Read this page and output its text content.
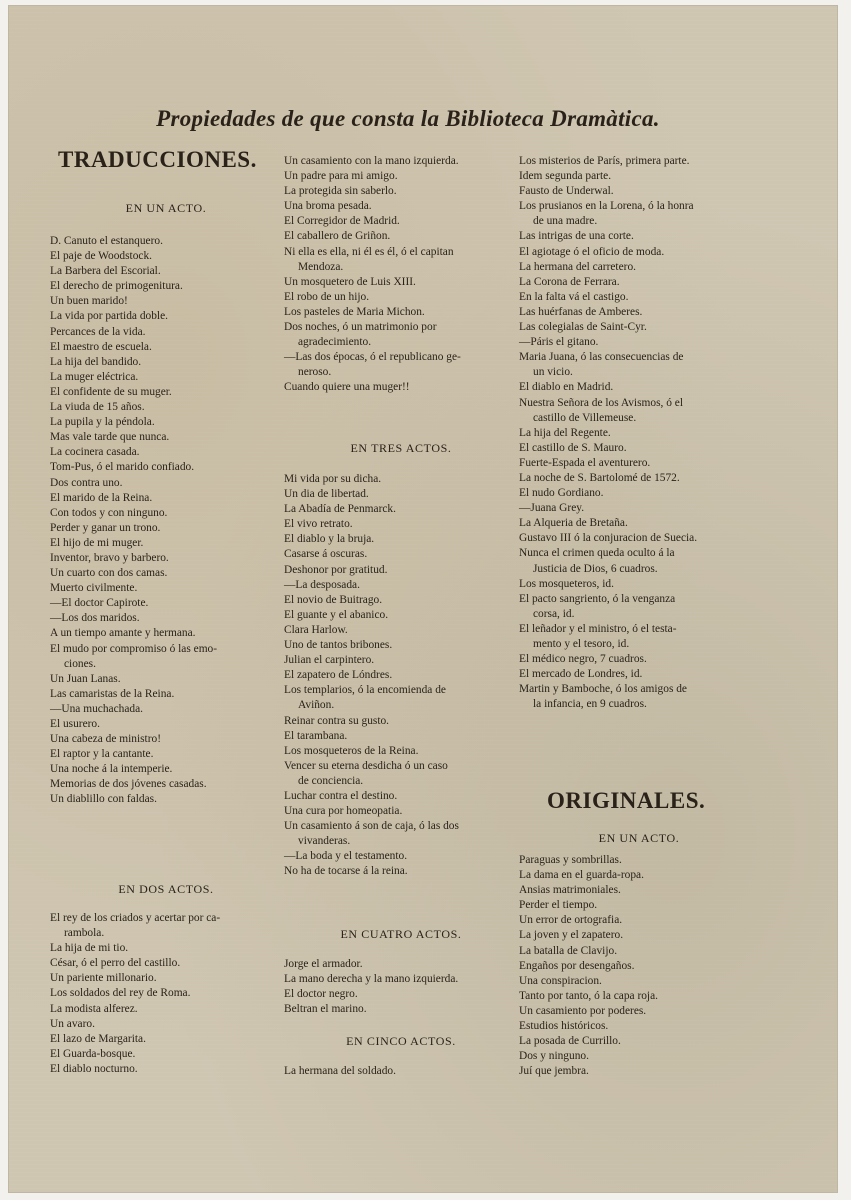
Propiedades de que consta la Biblioteca Dramàtica.
TRADUCCIONES.
EN UN ACTO.
D. Canuto el estanquero.
El paje de Woodstock.
La Barbera del Escorial.
El derecho de primogenitura.
Un buen marido!
La vida por partida doble.
Percances de la vida.
El maestro de escuela.
La hija del bandido.
La muger eléctrica.
El confidente de su muger.
La viuda de 15 años.
La pupila y la péndola.
Mas vale tarde que nunca.
La cocinera casada.
Tom-Pus, ó el marido confiado.
Dos contra uno.
El marido de la Reina.
Con todos y con ninguno.
Perder y ganar un trono.
El hijo de mi muger.
Inventor, bravo y barbero.
Un cuarto con dos camas.
Muerto civilmente.
—El doctor Capirote.
—Los dos maridos.
A un tiempo amante y hermana.
El mudo por compromiso ó las emo-
ciones.
Un Juan Lanas.
Las camaristas de la Reina.
—Una muchachada.
El usurero.
Una cabeza de ministro!
El raptor y la cantante.
Una noche á la intemperie.
Memorias de dos jóvenes casadas.
Un diablillo con faldas.
EN DOS ACTOS.
El rey de los criados y acertar por ca-
rambola.
La hija de mi tio.
César, ó el perro del castillo.
Un pariente millonario.
Los soldados del rey de Roma.
La modista alferez.
Un avaro.
El lazo de Margarita.
El Guarda-bosque.
El diablo nocturno.
Un casamiento con la mano izquierda.
Un padre para mi amigo.
La protegida sin saberlo.
Una broma pesada.
El Corregidor de Madrid.
El caballero de Griñon.
Ni ella es ella, ni él es él, ó el capitan
Mendoza.
Un mosquetero de Luis XIII.
El robo de un hijo.
Los pasteles de Maria Michon.
Dos noches, ó un matrimonio por
agradecimiento.
—Las dos épocas, ó el republicano ge-
neroso.
Cuando quiere una muger!!
EN TRES ACTOS.
Mi vida por su dicha.
Un dia de libertad.
La Abadía de Penmarck.
El vivo retrato.
El diablo y la bruja.
Casarse á oscuras.
Deshonor por gratitud.
—La desposada.
El novio de Buitrago.
El guante y el abanico.
Clara Harlow.
Uno de tantos bribones.
Julian el carpintero.
El zapatero de Lóndres.
Los templarios, ó la encomienda de
Aviñon.
Reinar contra su gusto.
El tarambana.
Los mosqueteros de la Reina.
Vencer su eterna desdicha ó un caso
de conciencia.
Luchar contra el destino.
Una cura por homeopatia.
Un casamiento á son de caja, ó las dos
vivanderas.
—La boda y el testamento.
No ha de tocarse á la reina.
EN CUATRO ACTOS.
Jorge el armador.
La mano derecha y la mano izquierda.
El doctor negro.
Beltran el marino.
EN CINCO ACTOS.
La hermana del soldado.
Los misterios de París, primera parte.
Idem segunda parte.
Fausto de Underwal.
Los prusianos en la Lorena, ó la honra
de una madre.
Las intrigas de una corte.
El agiotage ó el oficio de moda.
La hermana del carretero.
La Corona de Ferrara.
En la falta vá el castigo.
Las huérfanas de Amberes.
Las colegialas de Saint-Cyr.
—Páris el gitano.
Maria Juana, ó las consecuencias de
un vicio.
El diablo en Madrid.
Nuestra Señora de los Avismos, ó el
castillo de Villemeuse.
La hija del Regente.
El castillo de S. Mauro.
Fuerte-Espada el aventurero.
La noche de S. Bartolomé de 1572.
El nudo Gordiano.
—Juana Grey.
La Alqueria de Bretaña.
Gustavo III ó la conjuracion de Suecia.
Nunca el crimen queda oculto á la
Justicia de Dios, 6 cuadros.
Los mosqueteros, id.
El pacto sangriento, ó la venganza
corsa, id.
El leñador y el ministro, ó el testa-
mento y el tesoro, id.
El médico negro, 7 cuadros.
El mercado de Londres, id.
Martin y Bamboche, ó los amigos de
la infancia, en 9 cuadros.
ORIGINALES.
EN UN ACTO.
Paraguas y sombrillas.
La dama en el guarda-ropa.
Ansias matrimoniales.
Perder el tiempo.
Un error de ortografia.
La joven y el zapatero.
La batalla de Clavijo.
Engaños por desengaños.
Una conspiracion.
Tanto por tanto, ó la capa roja.
Un casamiento por poderes.
Estudios históricos.
La posada de Currillo.
Dos y ninguno.
Juí que jembra.
